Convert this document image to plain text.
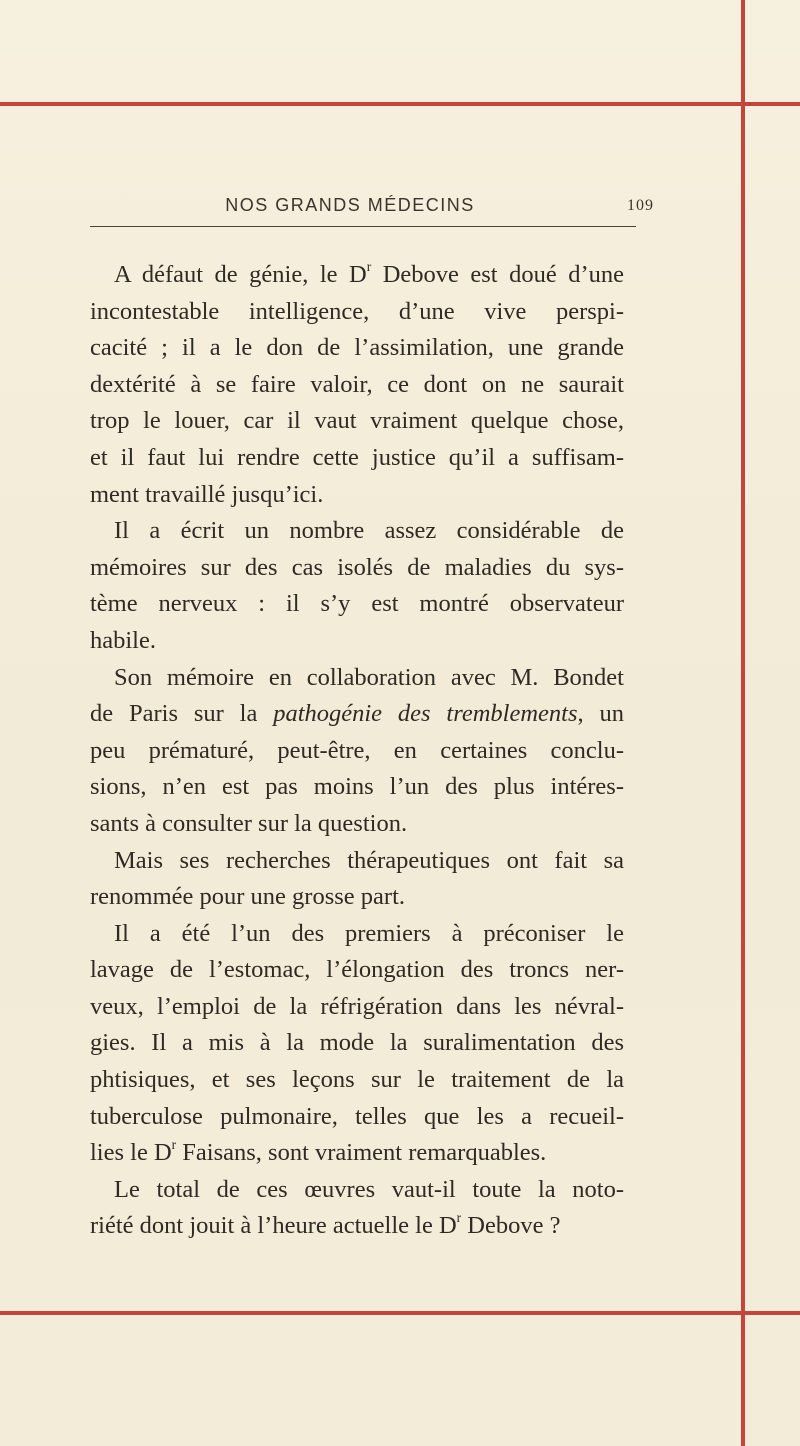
NOS GRANDS MÉDECINS	109
A défaut de génie, le $D^r$ Debove est doué d’une
incontestable intelligence, d’une vive perspi-
cacité ; il a le don de l’assimilation, une grande
dextérité à se faire valoir, ce dont on ne saurait
trop le louer, car il vaut vraiment quelque chose,
et il faut lui rendre cette justice qu’il a suffisam-
ment travaillé jusqu’ici.
Il a écrit un nombre assez considérable de
mémoires sur des cas isolés de maladies du sys-
tème nerveux : il s’y est montré observateur
habile.
Son mémoire en collaboration avec M. Bondet
de Paris sur la pathogénie des tremblements, un
peu prématuré, peut-être, en certaines conclu-
sions, n’en est pas moins l’un des plus intéres-
sants à consulter sur la question.
Mais ses recherches thérapeutiques ont fait sa
renommée pour une grosse part.
Il a été l’un des premiers à préconiser le
lavage de l’estomac, l’élongation des troncs ner-
veux, l’emploi de la réfrigération dans les névral-
gies. Il a mis à la mode la suralimentation des
phtisiques, et ses leçons sur le traitement de la
tuberculose pulmonaire, telles que les a recueil-
lies le $D^r$ Faisans, sont vraiment remarquables.
Le total de ces œuvres vaut-il toute la noto-
riété dont jouit à l’heure actuelle le $D^r$ Debove ?
